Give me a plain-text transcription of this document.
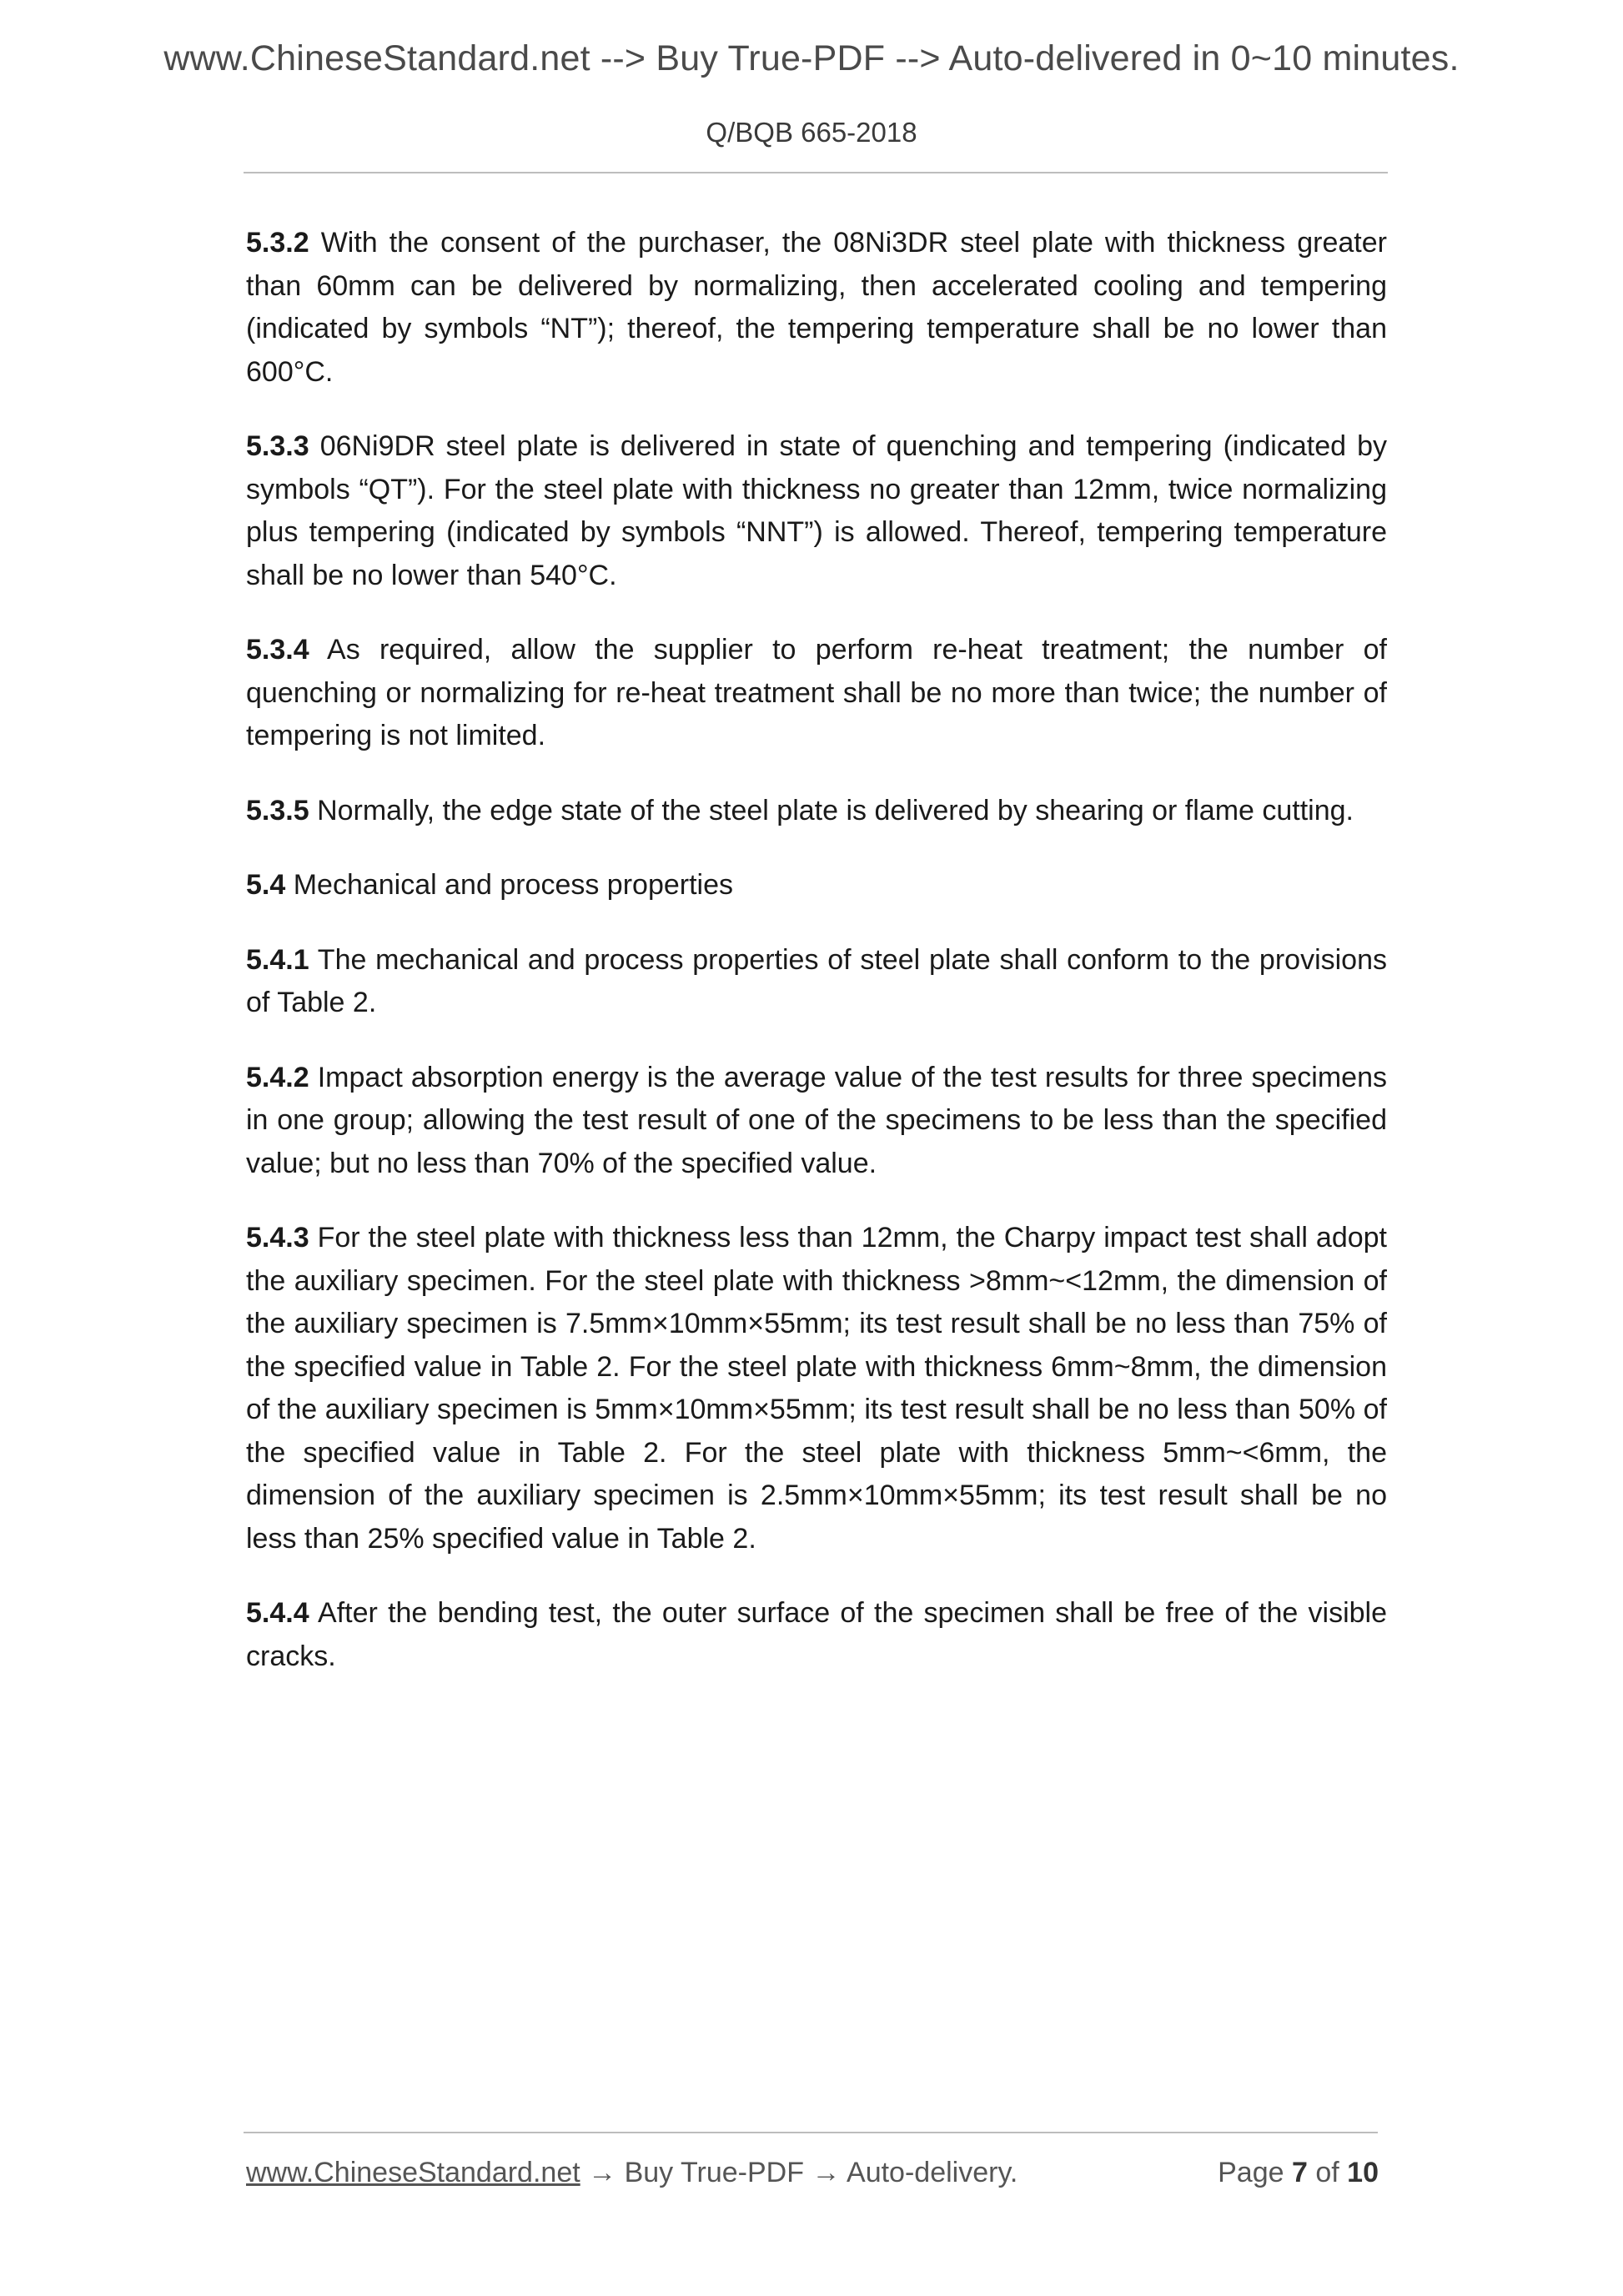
www.ChineseStandard.net --> Buy True-PDF --> Auto-delivered in 0~10 minutes.
Q/BQB 665-2018

5.3.2 With the consent of the purchaser, the 08Ni3DR steel plate with thickness greater than 60mm can be delivered by normalizing, then accelerated cooling and tempering (indicated by symbols “NT”); thereof, the tempering temperature shall be no lower than 600°C.

5.3.3 06Ni9DR steel plate is delivered in state of quenching and tempering (indicated by symbols “QT”). For the steel plate with thickness no greater than 12mm, twice normalizing plus tempering (indicated by symbols “NNT”) is allowed. Thereof, tempering temperature shall be no lower than 540°C.

5.3.4 As required, allow the supplier to perform re-heat treatment; the number of quenching or normalizing for re-heat treatment shall be no more than twice; the number of tempering is not limited.

5.3.5 Normally, the edge state of the steel plate is delivered by shearing or flame cutting.

5.4 Mechanical and process properties

5.4.1 The mechanical and process properties of steel plate shall conform to the provisions of Table 2.

5.4.2 Impact absorption energy is the average value of the test results for three specimens in one group; allowing the test result of one of the specimens to be less than the specified value; but no less than 70% of the specified value.

5.4.3 For the steel plate with thickness less than 12mm, the Charpy impact test shall adopt the auxiliary specimen. For the steel plate with thickness >8mm~<12mm, the dimension of the auxiliary specimen is 7.5mm×10mm×55mm; its test result shall be no less than 75% of the specified value in Table 2. For the steel plate with thickness 6mm~8mm, the dimension of the auxiliary specimen is 5mm×10mm×55mm; its test result shall be no less than 50% of the specified value in Table 2. For the steel plate with thickness 5mm~<6mm, the dimension of the auxiliary specimen is 2.5mm×10mm×55mm; its test result shall be no less than 25% specified value in Table 2.

5.4.4 After the bending test, the outer surface of the specimen shall be free of the visible cracks.

www.ChineseStandard.net → Buy True-PDF → Auto-delivery.	Page 7 of 10
